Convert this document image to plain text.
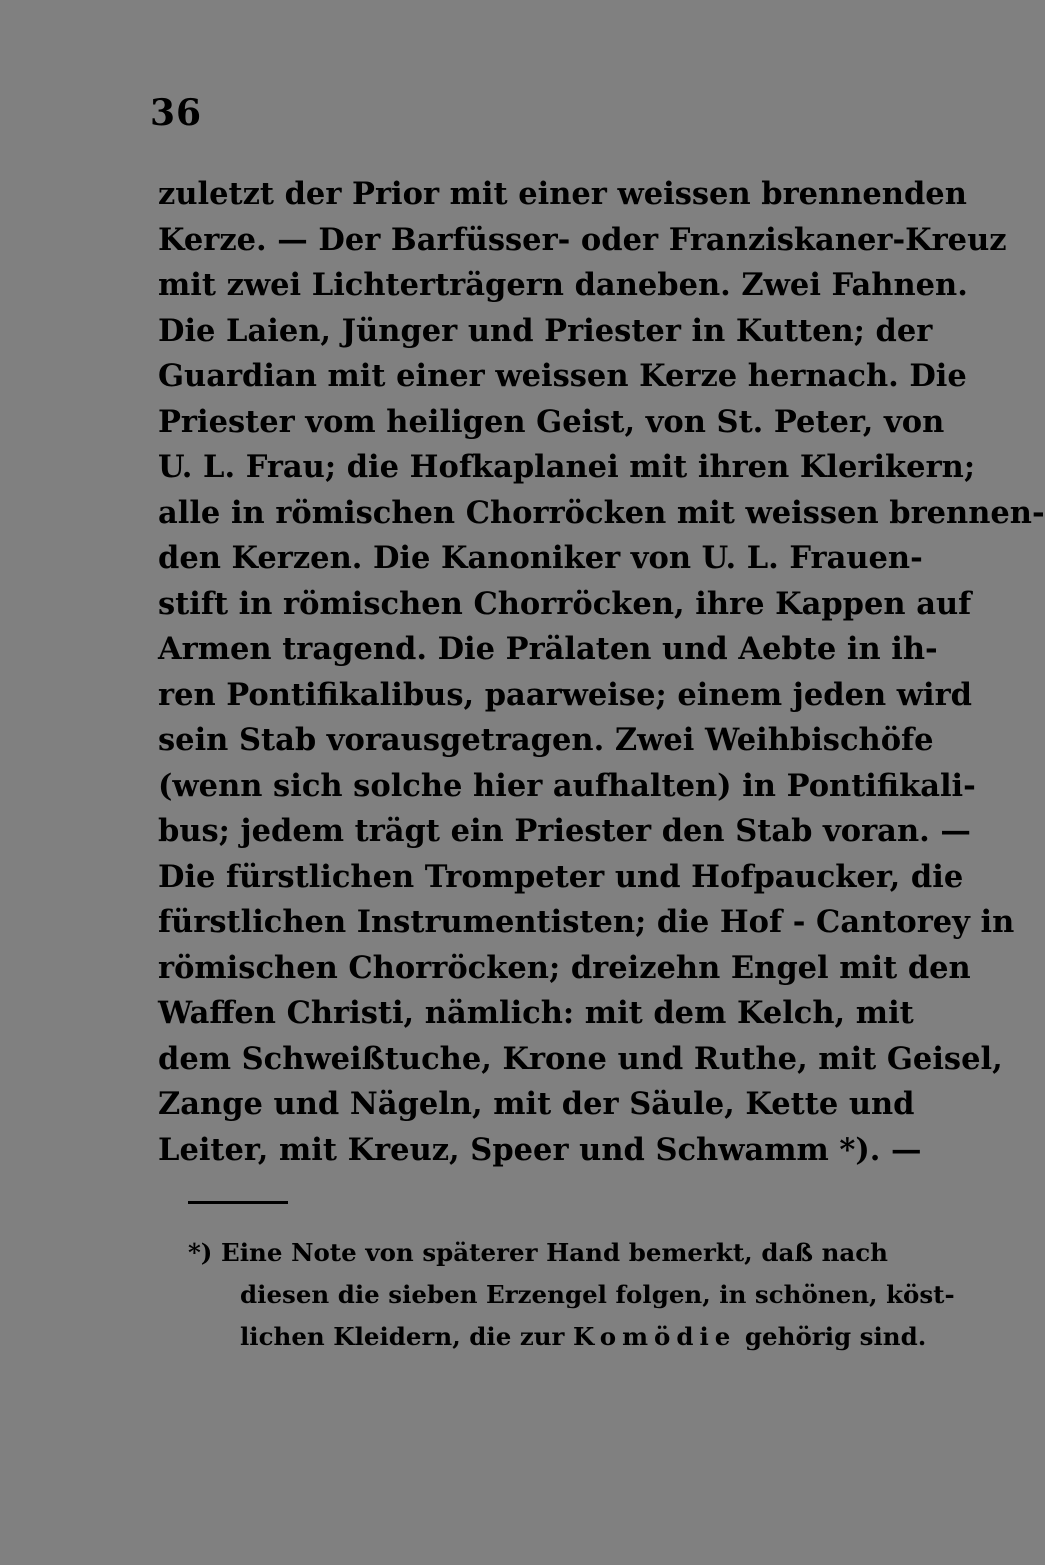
36
zuletzt der Prior mit einer weissen brennenden
Kerze. — Der Barfüsser- oder Franziskaner-Kreuz
mit zwei Lichterträgern daneben. Zwei Fahnen.
Die Laien, Jünger und Priester in Kutten; der
Guardian mit einer weissen Kerze hernach. Die
Priester vom heiligen Geist, von St. Peter, von
U. L. Frau; die Hofkaplanei mit ihren Klerikern;
alle in römischen Chorröcken mit weissen brennen-
den Kerzen. Die Kanoniker von U. L. Frauen-
stift in römischen Chorröcken, ihre Kappen auf
Armen tragend. Die Prälaten und Aebte in ih-
ren Pontifikalibus, paarweise; einem jeden wird
sein Stab vorausgetragen. Zwei Weihbischöfe
(wenn sich solche hier aufhalten) in Pontifikali-
bus; jedem trägt ein Priester den Stab voran. —
Die fürstlichen Trompeter und Hofpaucker, die
fürstlichen Instrumentisten; die Hof - Cantorey in
römischen Chorröcken; dreizehn Engel mit den
Waffen Christi, nämlich: mit dem Kelch, mit
dem Schweißtuche, Krone und Ruthe, mit Geisel,
Zange und Nägeln, mit der Säule, Kette und
Leiter, mit Kreuz, Speer und Schwamm *). —
*) Eine Note von späterer Hand bemerkt, daß nach
diesen die sieben Erzengel folgen, in schönen, köst-
lichen Kleidern, die zur Komödie gehörig sind.
